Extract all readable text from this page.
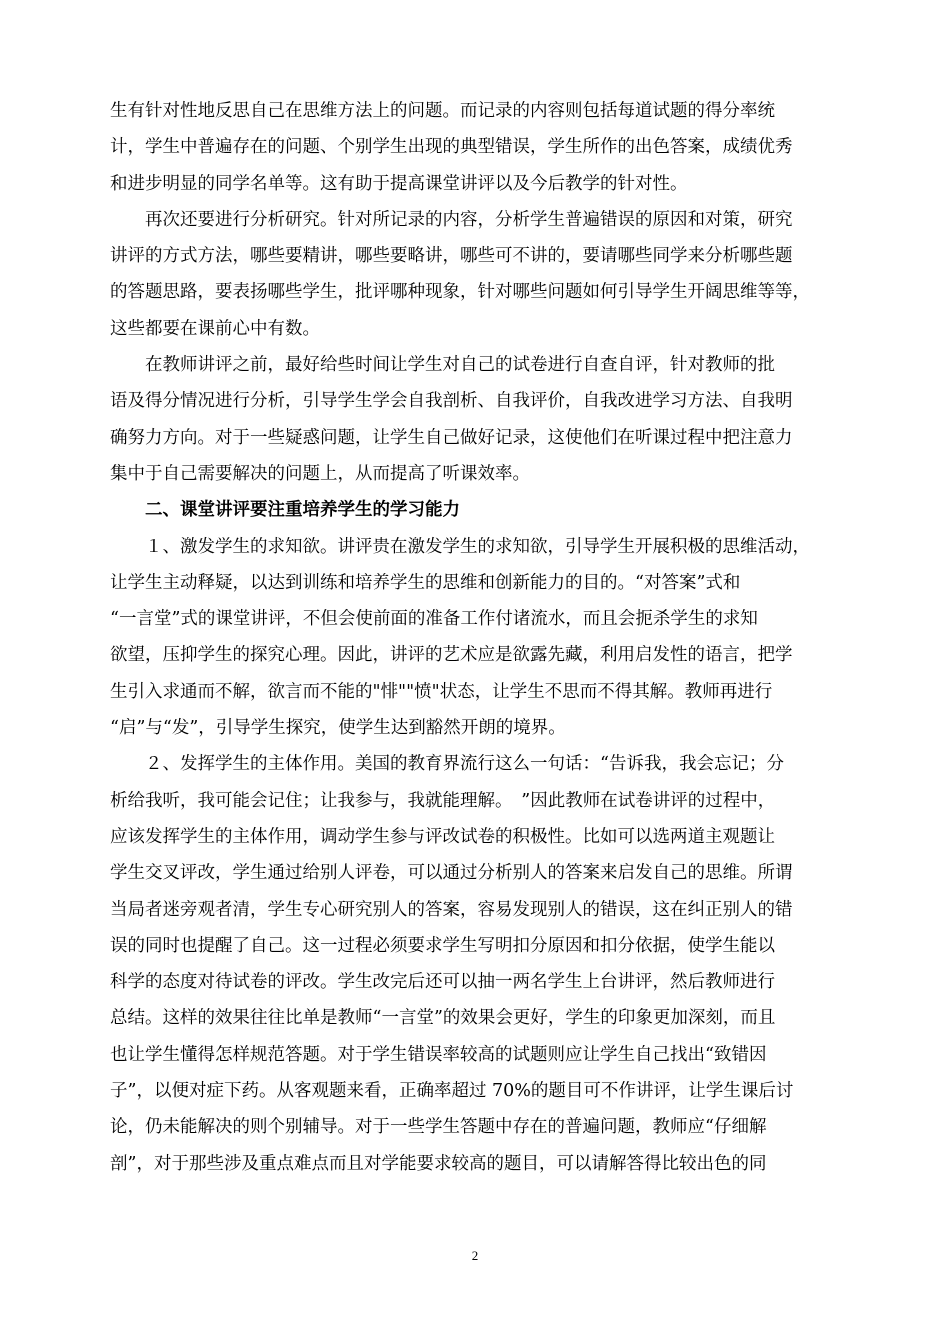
生有针对性地反思自己在思维方法上的问题。而记录的内容则包括每道试题的得分率统
计，学生中普遍存在的问题、个别学生出现的典型错误，学生所作的出色答案，成绩优秀
和进步明显的同学名单等。这有助于提高课堂讲评以及今后教学的针对性。
　　再次还要进行分析研究。针对所记录的内容，分析学生普遍错误的原因和对策，研究
讲评的方式方法，哪些要精讲，哪些要略讲，哪些可不讲的，要请哪些同学来分析哪些题
的答题思路，要表扬哪些学生，批评哪种现象，针对哪些问题如何引导学生开阔思维等等，
这些都要在课前心中有数。
　　在教师讲评之前，最好给些时间让学生对自己的试卷进行自查自评，针对教师的批
语及得分情况进行分析，引导学生学会自我剖析、自我评价，自我改进学习方法、自我明
确努力方向。对于一些疑惑问题，让学生自己做好记录，这使他们在听课过程中把注意力
集中于自己需要解决的问题上，从而提高了听课效率。
　　二、课堂讲评要注重培养学生的学习能力
　　１、激发学生的求知欲。讲评贵在激发学生的求知欲，引导学生开展积极的思维活动，
让学生主动释疑，以达到训练和培养学生的思维和创新能力的目的。“对答案”式和
“一言堂”式的课堂讲评，不但会使前面的准备工作付诸流水，而且会扼杀学生的求知
欲望，压抑学生的探究心理。因此，讲评的艺术应是欲露先藏，利用启发性的语言，把学
生引入求通而不解，欲言而不能的"悱""愤"状态，让学生不思而不得其解。教师再进行
“启”与“发”，引导学生探究，使学生达到豁然开朗的境界。
　　２、发挥学生的主体作用。美国的教育界流行这么一句话：“告诉我，我会忘记；分
析给我听，我可能会记住；让我参与，我就能理解。　”因此教师在试卷讲评的过程中，
应该发挥学生的主体作用，调动学生参与评改试卷的积极性。比如可以选两道主观题让
学生交叉评改，学生通过给别人评卷，可以通过分析别人的答案来启发自己的思维。所谓
当局者迷旁观者清，学生专心研究别人的答案，容易发现别人的错误，这在纠正别人的错
误的同时也提醒了自己。这一过程必须要求学生写明扣分原因和扣分依据，使学生能以
科学的态度对待试卷的评改。学生改完后还可以抽一两名学生上台讲评，然后教师进行
总结。这样的效果往往比单是教师“一言堂”的效果会更好，学生的印象更加深刻，而且
也让学生懂得怎样规范答题。对于学生错误率较高的试题则应让学生自己找出“致错因
子”，以便对症下药。从客观题来看，正确率超过 70%的题目可不作讲评，让学生课后讨
论，仍未能解决的则个别辅导。对于一些学生答题中存在的普遍问题，教师应“仔细解
剖”，对于那些涉及重点难点而且对学能要求较高的题目，可以请解答得比较出色的同
2
